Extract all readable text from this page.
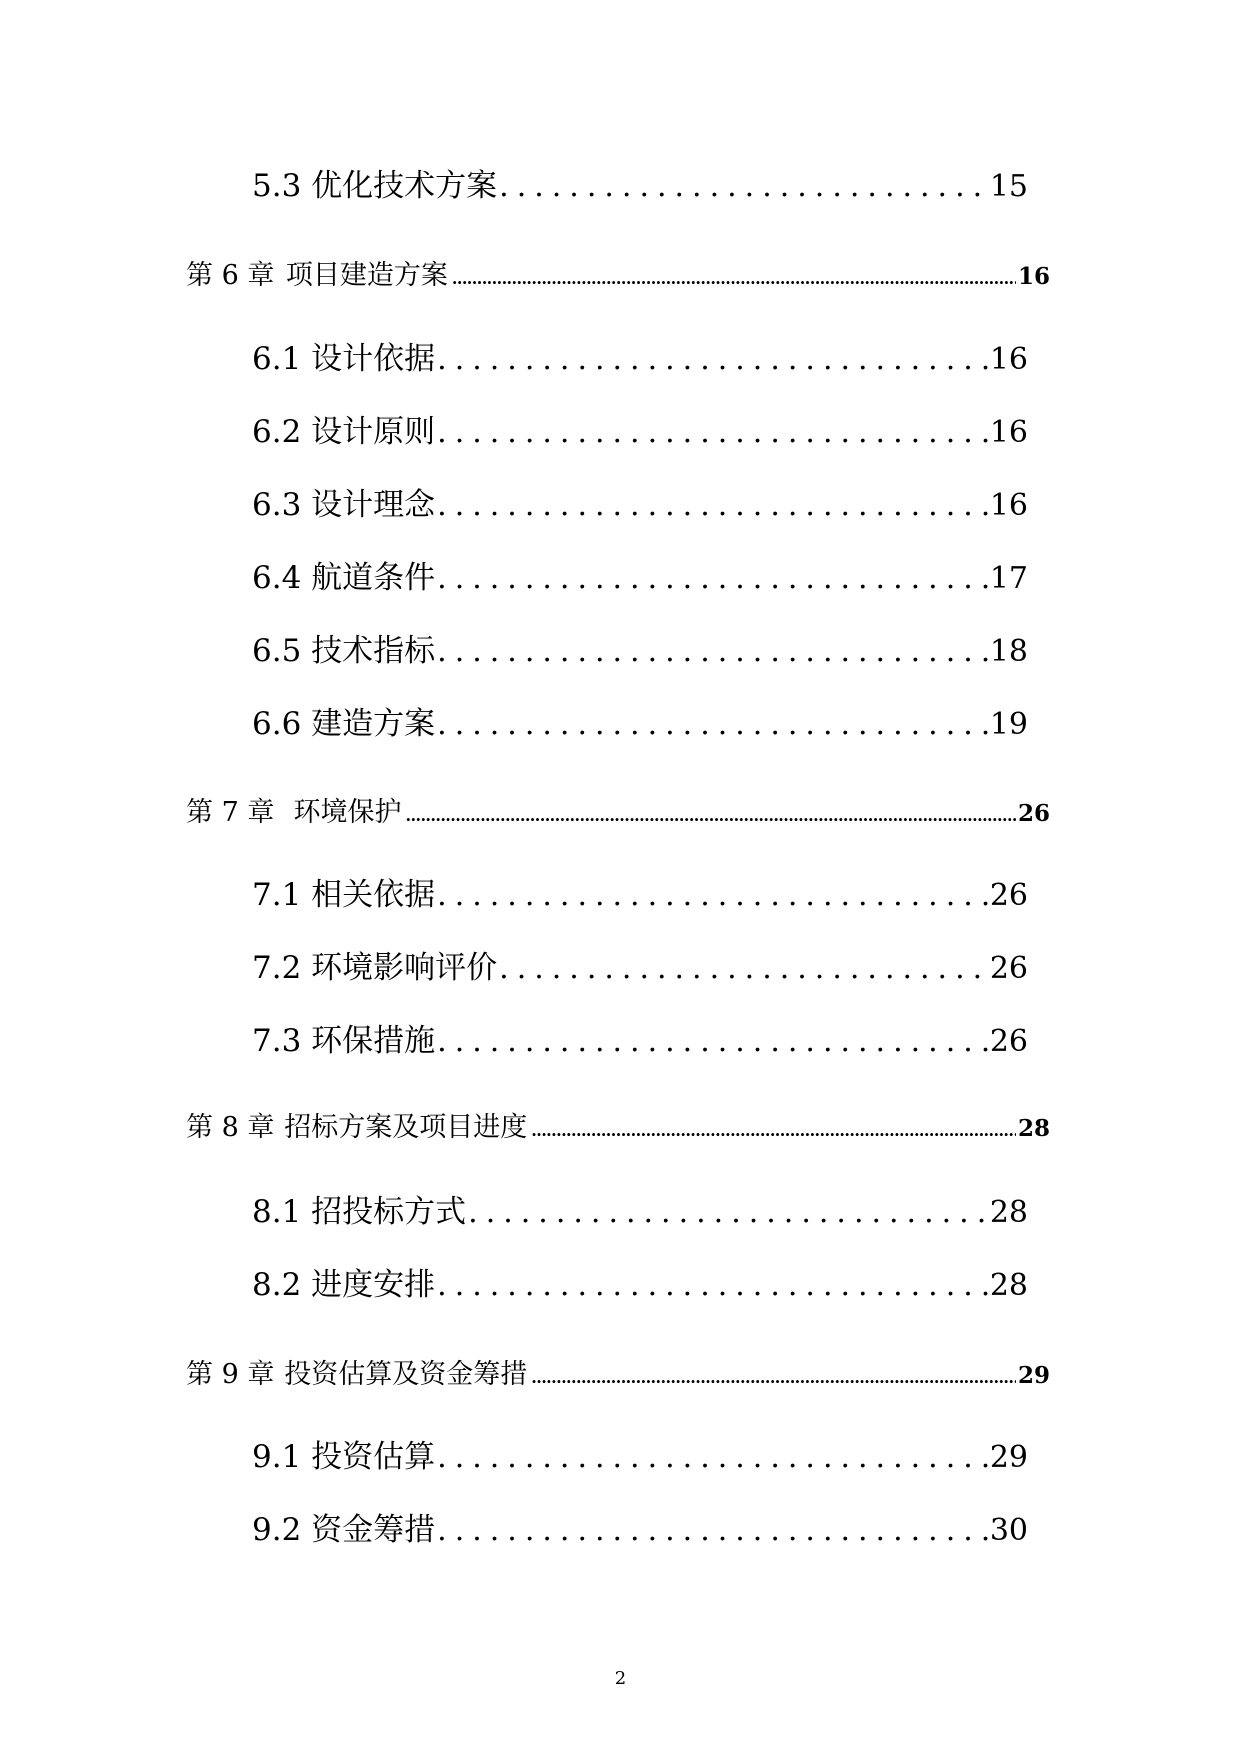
5.3 优化技术方案 .....	15
第 6 章 项目建造方案 .....	16
6.1 设计依据 .....	16
6.2 设计原则 .....	16
6.3 设计理念 .....	16
6.4 航道条件 .....	17
6.5 技术指标 .....	18
6.6 建造方案 .....	19
第 7 章 环境保护 .....	26
7.1 相关依据 .....	26
7.2 环境影响评价 .....	26
7.3 环保措施 .....	26
第 8 章 招标方案及项目进度 .....	28
8.1 招投标方式 .....	28
8.2 进度安排 .....	28
第 9 章 投资估算及资金筹措 .....	29
9.1 投资估算 .....	29
9.2 资金筹措 .....	30
2
